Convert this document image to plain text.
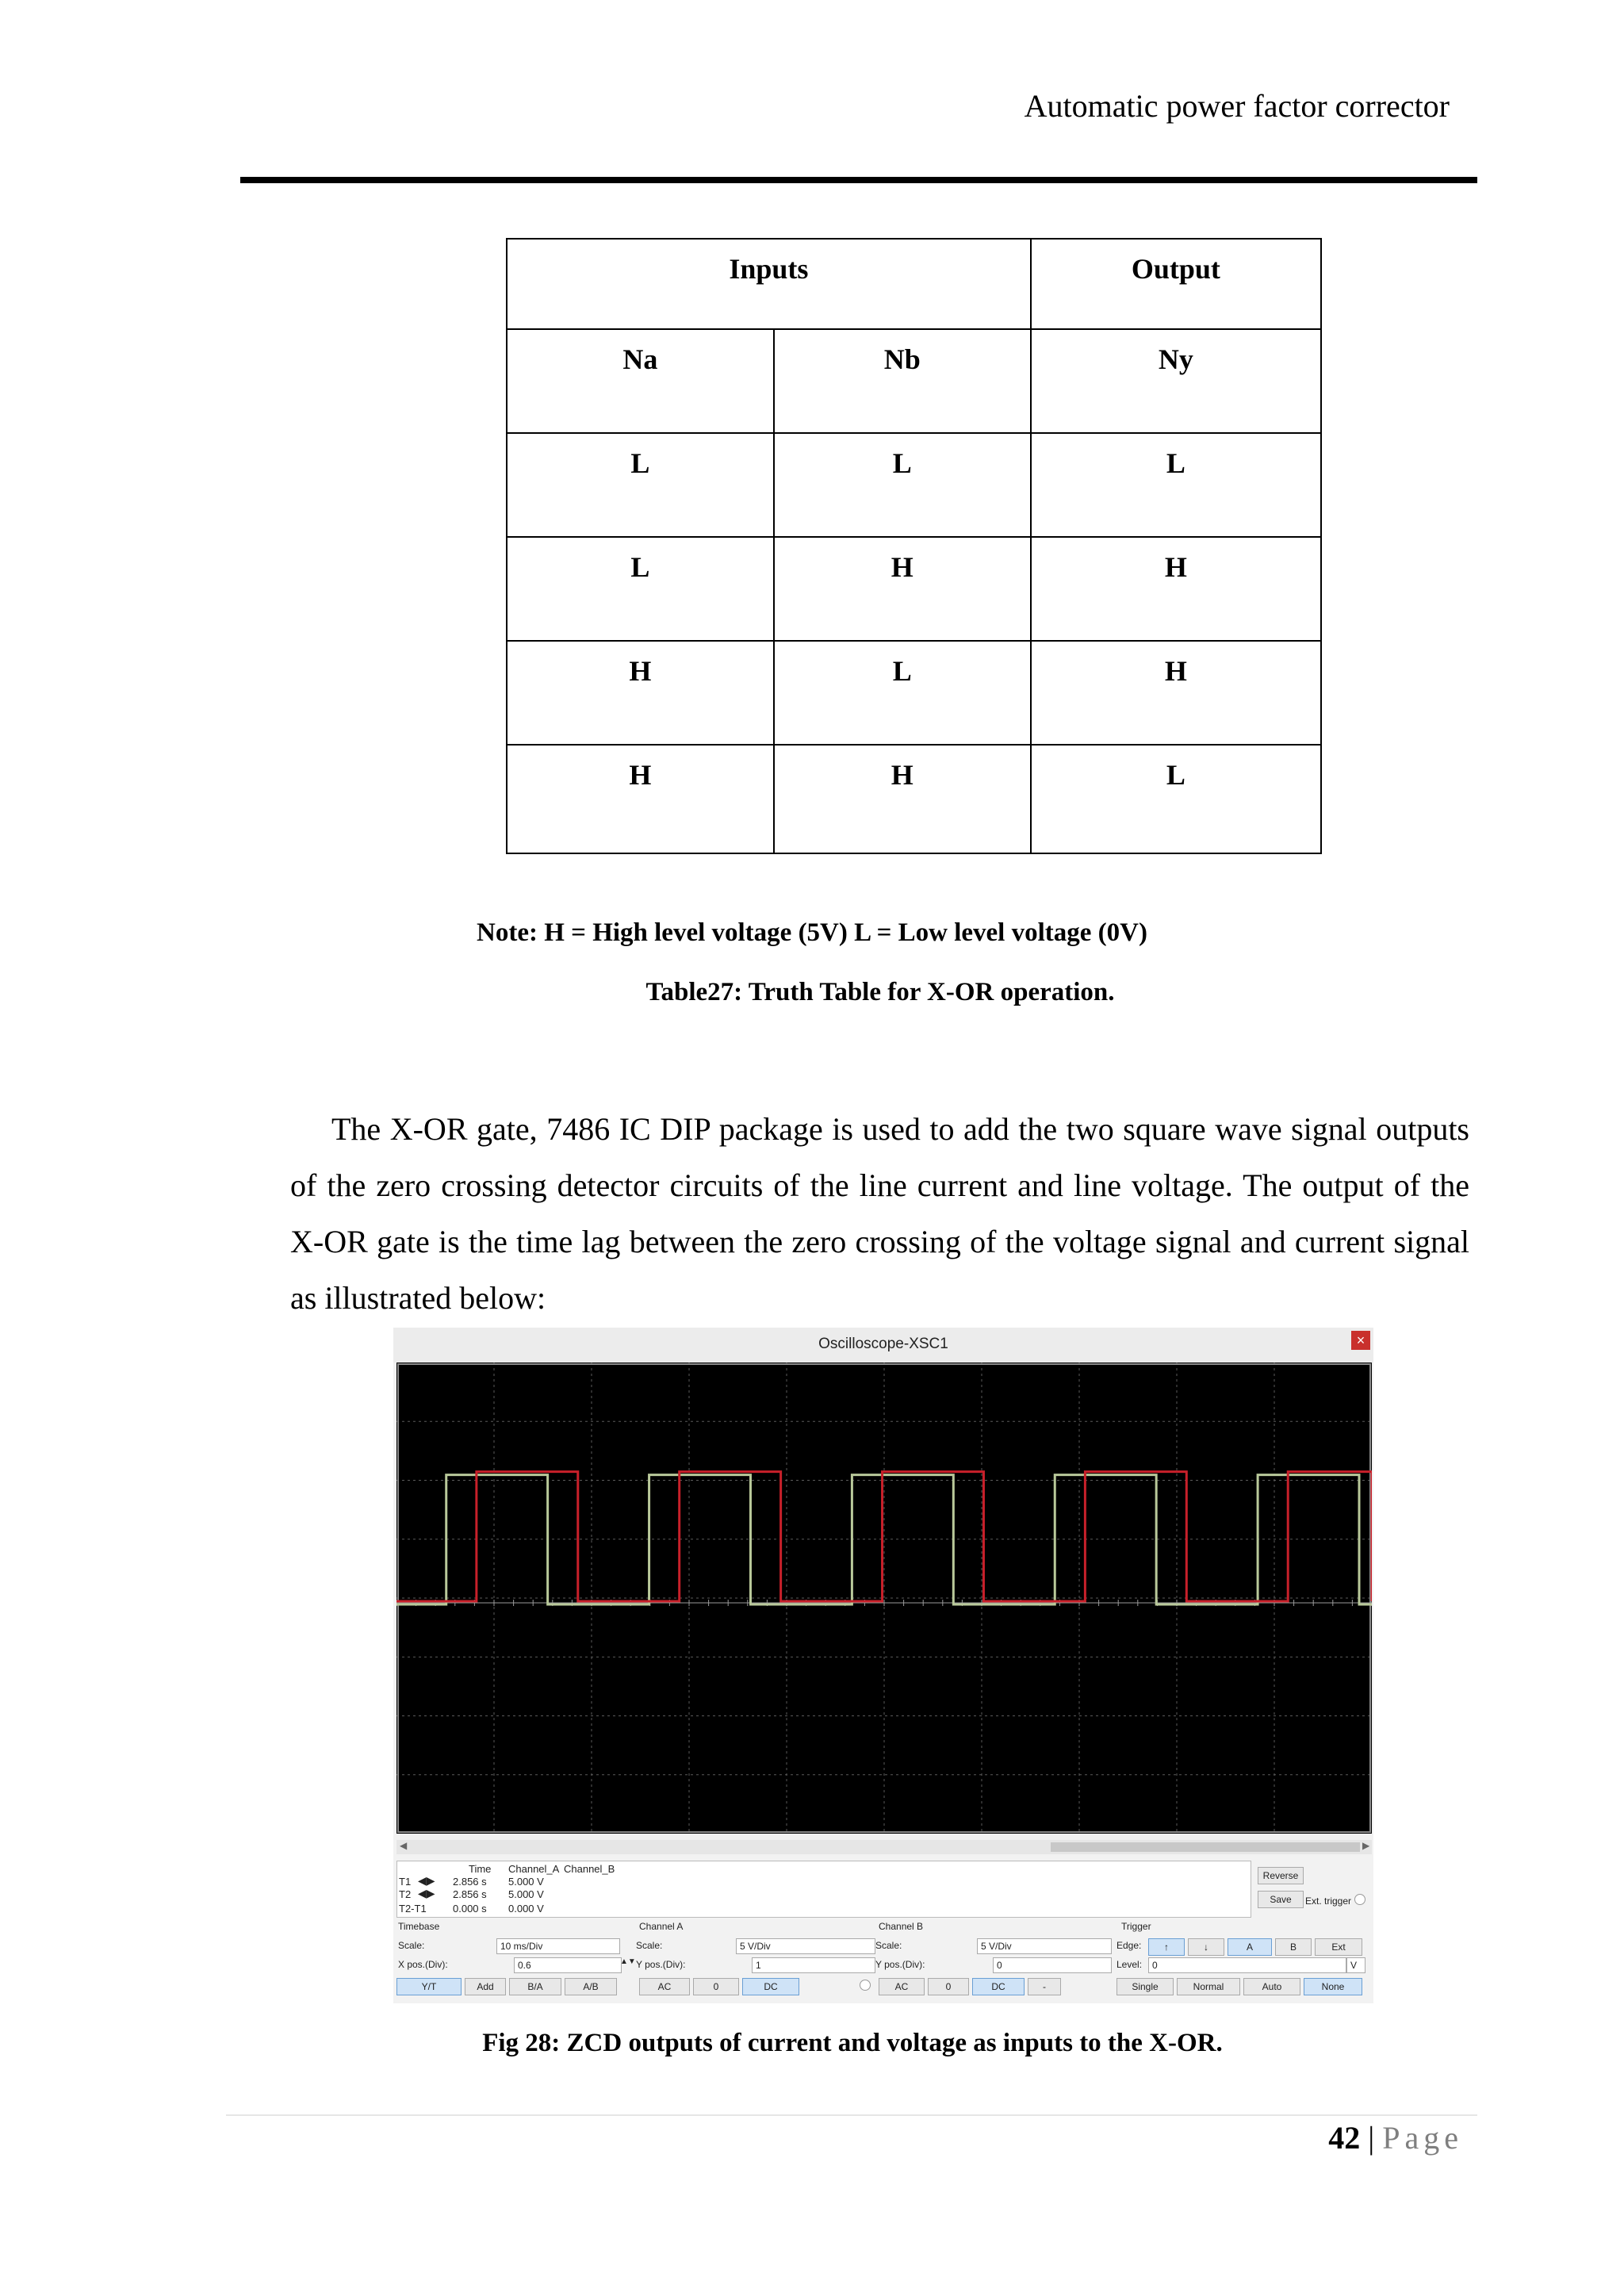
Automatic power factor corrector
Inputs		Output
Na	Nb	Ny
L	L	L
L	H	H
H	L	H
H	H	L
Note: H = High level voltage (5V) L = Low level voltage (0V)
Table27: Truth Table for X-OR operation.
The X-OR gate, 7486 IC DIP package is used to add the two square wave signal outputs of the zero crossing detector circuits of the line current and line voltage. The output of the X-OR gate is the time lag between the zero crossing of the voltage signal and current signal as illustrated below:
Oscilloscope-XSC1	×
◀	▶
Time Channel_A Channel_B
T1 ◀▶ 2.856 s 5.000 V
T2 ◀▶ 2.856 s 5.000 V
T2-T1	0.000 s 0.000 V
Reverse
Save	Ext. trigger
Timebase
Scale:	10 ms/Div
X pos.(Div):	0.6	▲▼
Y/T	Add	B/A	A/B
Channel A
Scale:	5 V/Div
Y pos.(Div):	1
AC	0	DC
Channel B
Scale:	5 V/Div
Y pos.(Div):	0
AC	0	DC	-
Trigger
Edge:	↑	↓	A	B	Ext
Level:	0	V
Single	Normal	Auto	None
Fig 28: ZCD outputs of current and voltage as inputs to the X-OR.
42 | Page
